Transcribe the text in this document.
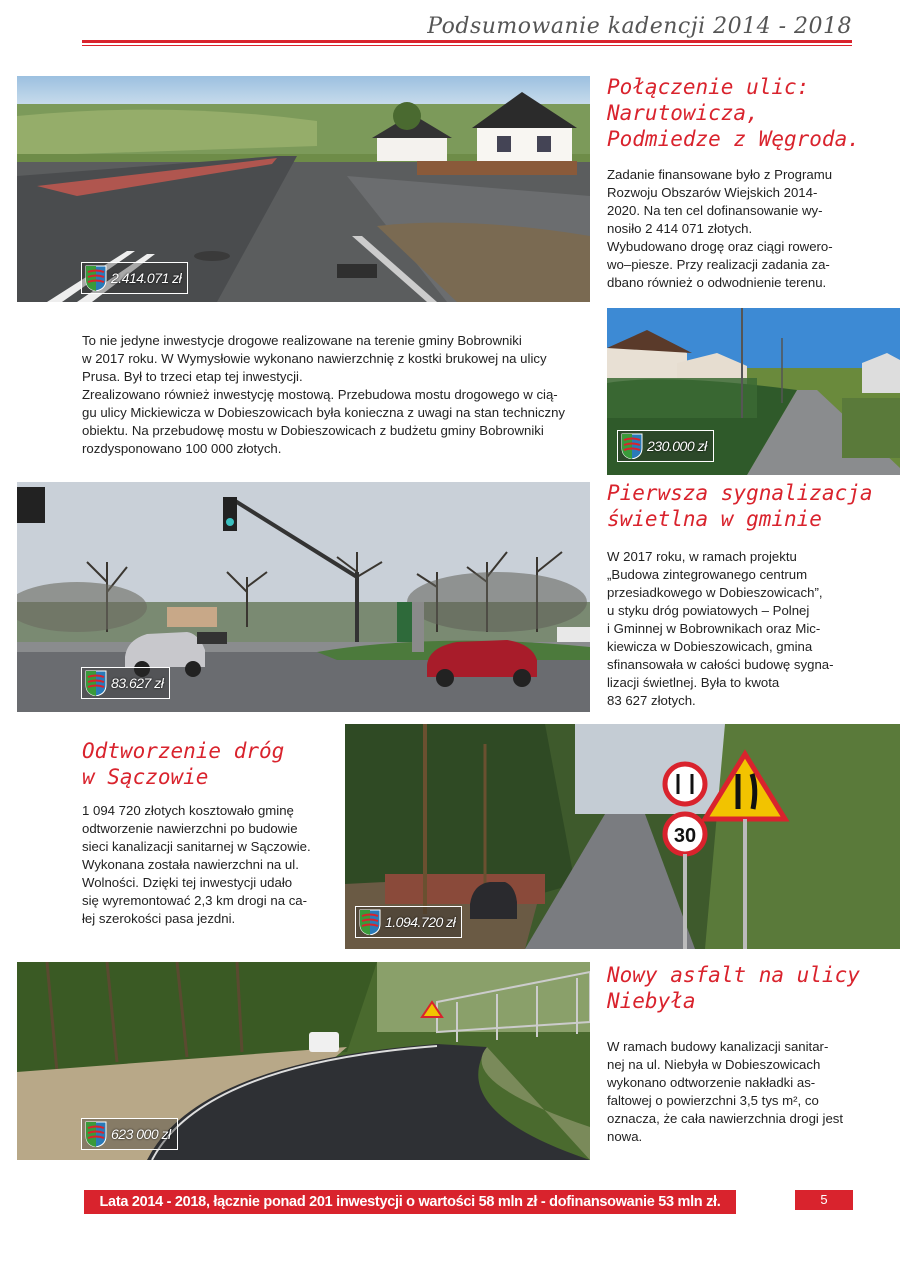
Podsumowanie kadencji 2014 - 2018
2.414.071 zł
Połączenie ulic:
Narutowicza,
Podmiedze z Węgroda.
Zadanie finansowane było z Programu
Rozwoju Obszarów Wiejskich 2014-
2020. Na ten cel dofinansowanie wy-
nosiło 2 414 071 złotych.
Wybudowano drogę oraz ciągi rowero-
wo–piesze. Przy realizacji zadania za-
dbano również o odwodnienie terenu.
To nie jedyne inwestycje drogowe realizowane na terenie gminy Bobrowniki
w 2017 roku. W Wymysłowie wykonano nawierzchnię z kostki brukowej na ulicy
Prusa. Był to trzeci etap tej inwestycji.
Zrealizowano również inwestycję mostową. Przebudowa mostu drogowego w cią-
gu ulicy Mickiewicza w Dobieszowicach była konieczna z uwagi na stan techniczny
obiektu. Na przebudowę mostu w Dobieszowicach z budżetu gminy Bobrowniki
rozdysponowano 100 000 złotych.	230.000 zł
83.627 zł
Pierwsza sygnalizacja
świetlna w gminie
W 2017 roku, w ramach projektu
„Budowa zintegrowanego centrum
przesiadkowego w Dobieszowicach”,
u styku dróg powiatowych – Polnej
i Gminnej w Bobrownikach oraz Mic-
kiewicza w Dobieszowicach, gmina
sfinansowała w całości budowę sygna-
lizacji świetlnej. Była to kwota
83 627 złotych.
Odtworzenie dróg
w Sączowie
1 094 720 złotych kosztowało gminę
odtworzenie nawierzchni po budowie
sieci kanalizacji sanitarnej w Sączowie.
Wykonana została nawierzchni na ul.
Wolności. Dzięki tej inwestycji udało
się wyremontować 2,3 km drogi na ca-
łej szerokości pasa jezdni.
30
1.094.720 zł
623 000 zł
Nowy asfalt na ulicy
Niebyła
W ramach budowy kanalizacji sanitar-
nej na ul. Niebyła w Dobieszowicach
wykonano odtworzenie nakładki as-
faltowej o powierzchni 3,5 tys m², co
oznacza, że cała nawierzchnia drogi jest
nowa.
Lata 2014 - 2018, łącznie ponad 201 inwestycji o wartości 58 mln zł - dofinansowanie 53 mln zł.	5
